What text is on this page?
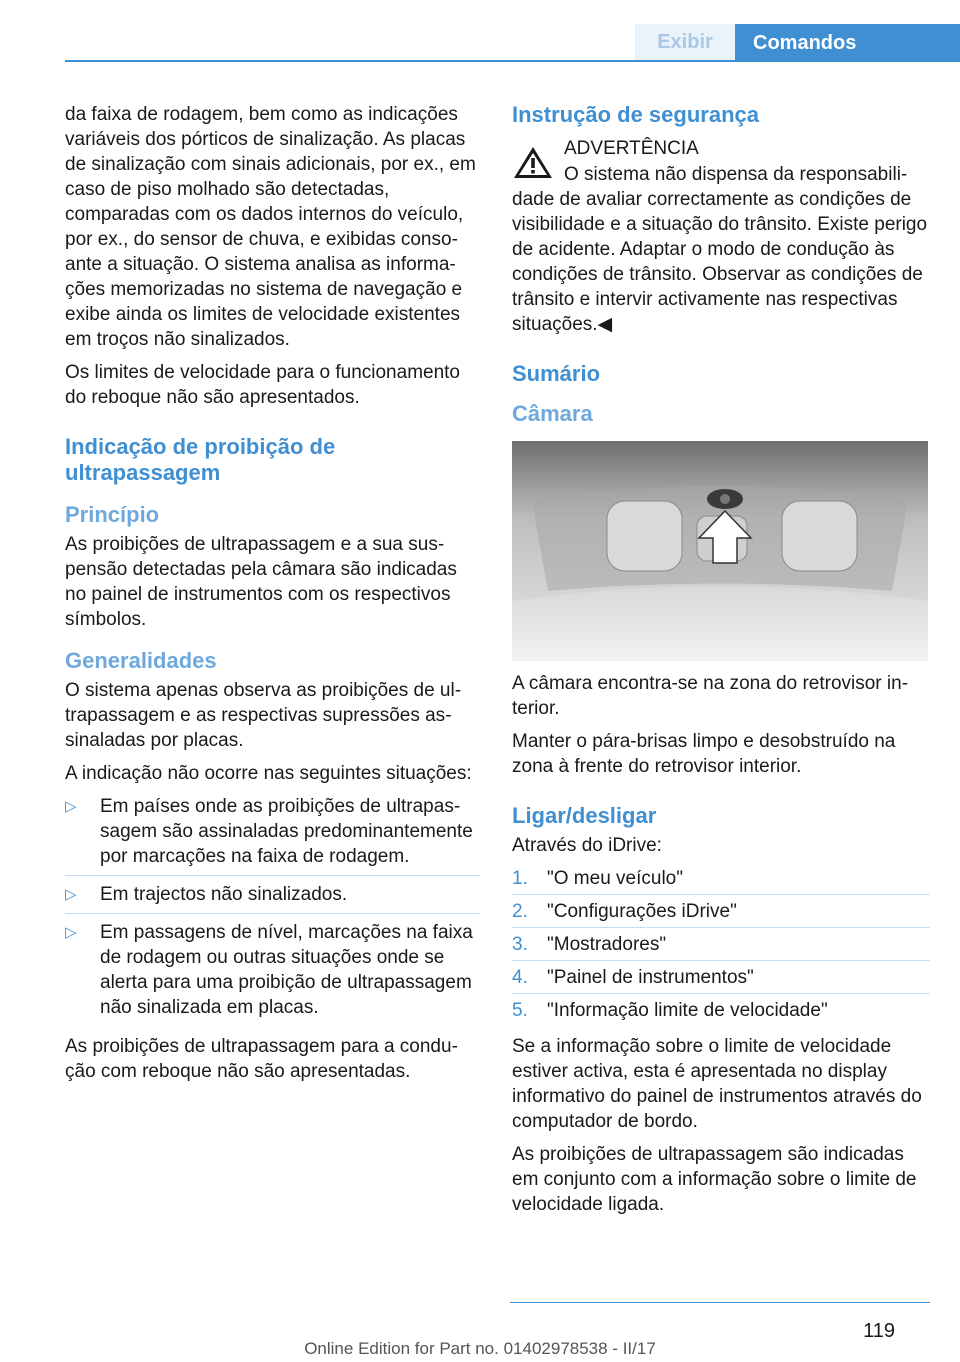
Exibir	Comandos

da faixa de rodagem, bem como as indicações variáveis dos pórticos de sinalização. As placas de sinalização com sinais adicionais, por ex., em caso de piso molhado são detectadas, comparadas com os dados internos do veículo, por ex., do sensor de chuva, e exibidas consoante a situação. O sistema analisa as informações memorizadas no sistema de navegação e exibe ainda os limites de velocidade existentes em troços não sinalizados.

Os limites de velocidade para o funcionamento do reboque não são apresentados.

Indicação de proibição de ultrapassagem
Princípio

As proibições de ultrapassagem e a sua suspensão detectadas pela câmara são indicadas no painel de instrumentos com os respectivos símbolos.

Generalidades

O sistema apenas observa as proibições de ultrapassagem e as respectivas supressões assinaladas por placas.

A indicação não ocorre nas seguintes situações:

▷ Em países onde as proibições de ultrapassagem são assinaladas predominantemente por marcações na faixa de rodagem.
▷ Em trajectos não sinalizados.
▷ Em passagens de nível, marcações na faixa de rodagem ou outras situações onde se alerta para uma proibição de ultrapassagem não sinalizada em placas.

As proibições de ultrapassagem para a condução com reboque não são apresentadas.

Instrução de segurança
ADVERTÊNCIA

O sistema não dispensa da responsabilidade de avaliar correctamente as condições de visibilidade e a situação do trânsito. Existe perigo de acidente. Adaptar o modo de condução às condições de trânsito. Observar as condições de trânsito e intervir activamente nas respectivas situações.◀

Sumário
Câmara

A câmara encontra-se na zona do retrovisor interior.

Manter o pára-brisas limpo e desobstruído na zona à frente do retrovisor interior.

Ligar/desligar

Através do iDrive:

1. "O meu veículo"
2. "Configurações iDrive"
3. "Mostradores"
4. "Painel de instrumentos"
5. "Informação limite de velocidade"

Se a informação sobre o limite de velocidade estiver activa, esta é apresentada no display informativo do painel de instrumentos através do computador de bordo.

As proibições de ultrapassagem são indicadas em conjunto com a informação sobre o limite de velocidade ligada.

119
Online Edition for Part no. 01402978538 - II/17
